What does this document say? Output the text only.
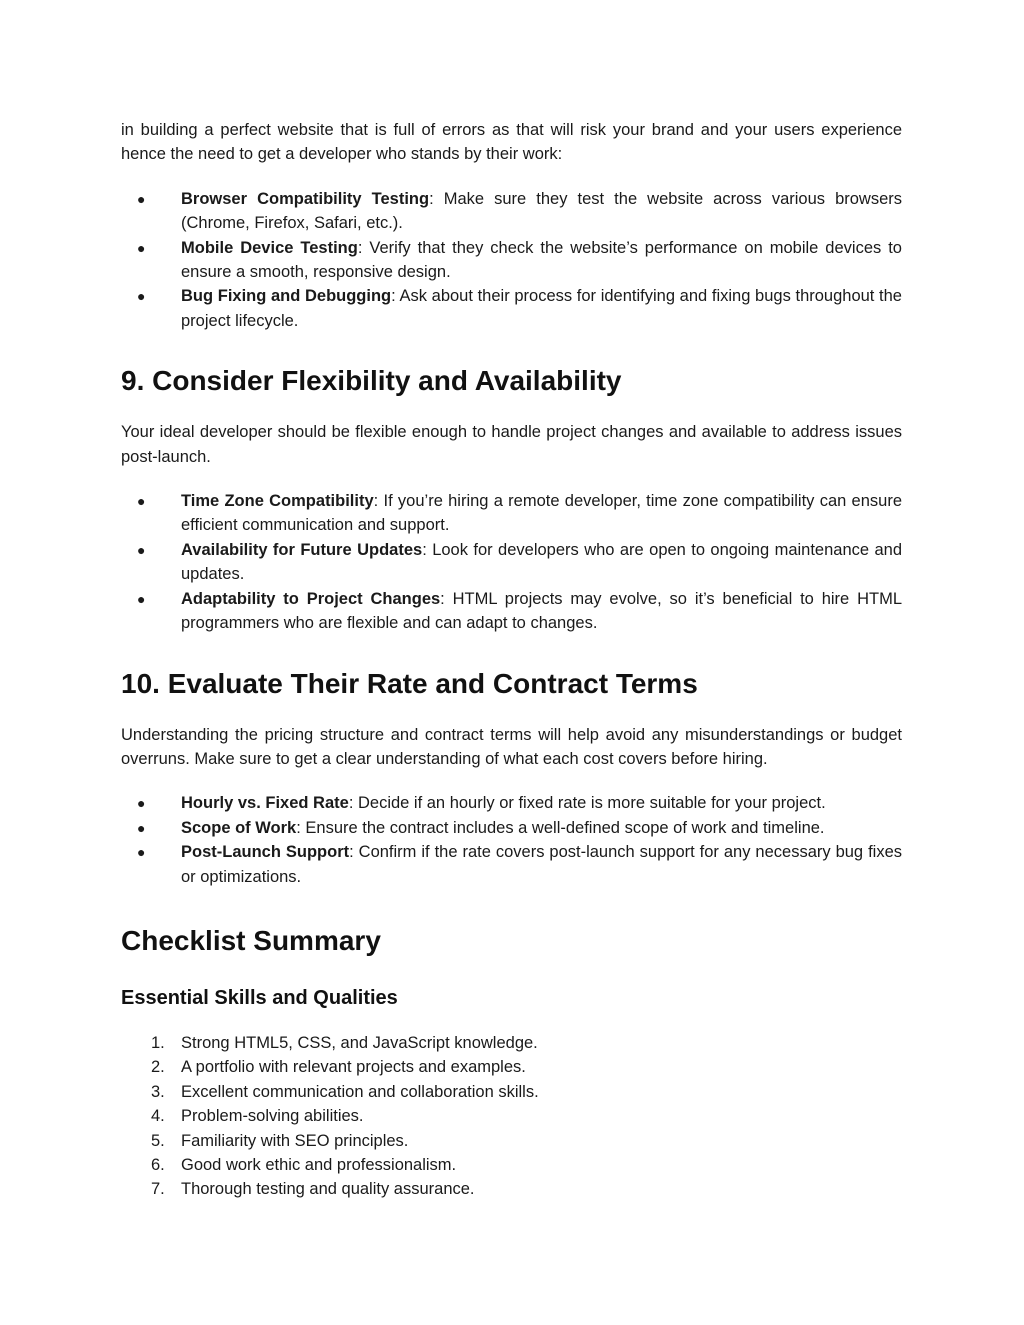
in building a perfect website that is full of errors as that will risk your brand and your users experience hence the need to get a developer who stands by their work:

● Browser Compatibility Testing: Make sure they test the website across various browsers (Chrome, Firefox, Safari, etc.).
● Mobile Device Testing: Verify that they check the website’s performance on mobile devices to ensure a smooth, responsive design.
● Bug Fixing and Debugging: Ask about their process for identifying and fixing bugs throughout the project lifecycle.
9. Consider Flexibility and Availability

Your ideal developer should be flexible enough to handle project changes and available to address issues post-launch.

● Time Zone Compatibility: If you’re hiring a remote developer, time zone compatibility can ensure efficient communication and support.
● Availability for Future Updates: Look for developers who are open to ongoing maintenance and updates.
● Adaptability to Project Changes: HTML projects may evolve, so it’s beneficial to hire HTML programmers who are flexible and can adapt to changes.
10. Evaluate Their Rate and Contract Terms

Understanding the pricing structure and contract terms will help avoid any misunderstandings or budget overruns. Make sure to get a clear understanding of what each cost covers before hiring.

● Hourly vs. Fixed Rate: Decide if an hourly or fixed rate is more suitable for your project.
● Scope of Work: Ensure the contract includes a well-defined scope of work and timeline.
● Post-Launch Support: Confirm if the rate covers post-launch support for any necessary bug fixes or optimizations.
Checklist Summary
Essential Skills and Qualities
1. Strong HTML5, CSS, and JavaScript knowledge.
2. A portfolio with relevant projects and examples.
3. Excellent communication and collaboration skills.
4. Problem-solving abilities.
5. Familiarity with SEO principles.
6. Good work ethic and professionalism.
7. Thorough testing and quality assurance.
